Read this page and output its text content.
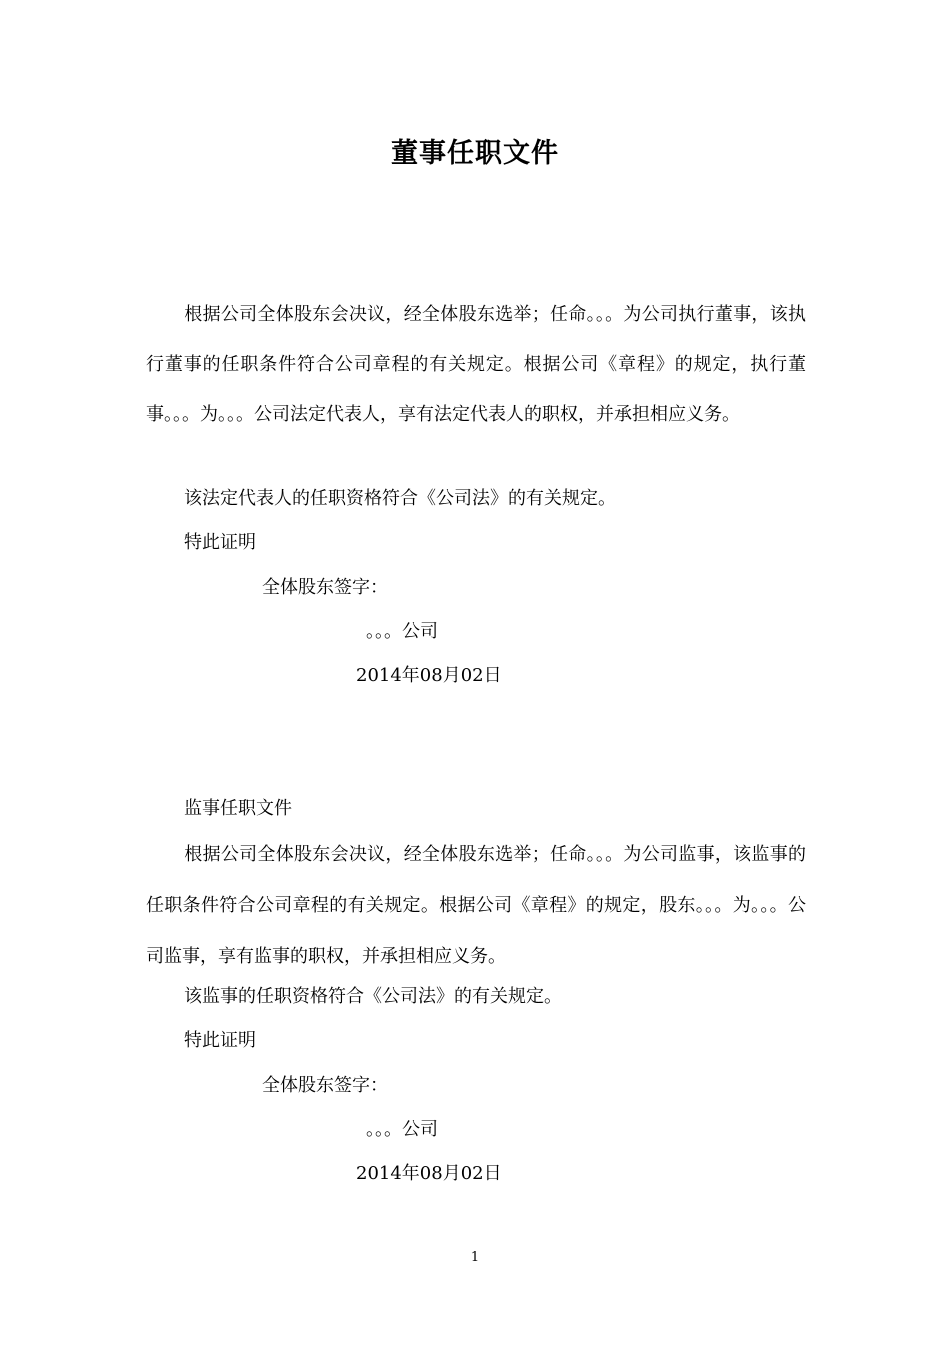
董事任职文件
根据公司全体股东会决议，经全体股东选举；任命。。。为公司执行董事，该执行董事的任职条件符合公司章程的有关规定。根据公司《章程》的规定，执行董事。。。为。。。公司法定代表人，享有法定代表人的职权，并承担相应义务。
该法定代表人的任职资格符合《公司法》的有关规定。
特此证明
全体股东签字：
。。。公司
2014年08月02日
监事任职文件
根据公司全体股东会决议，经全体股东选举；任命。。。为公司监事，该监事的任职条件符合公司章程的有关规定。根据公司《章程》的规定，股东。。。为。。。公司监事，享有监事的职权，并承担相应义务。
该监事的任职资格符合《公司法》的有关规定。
特此证明
全体股东签字：
。。。公司
2014年08月02日
1
